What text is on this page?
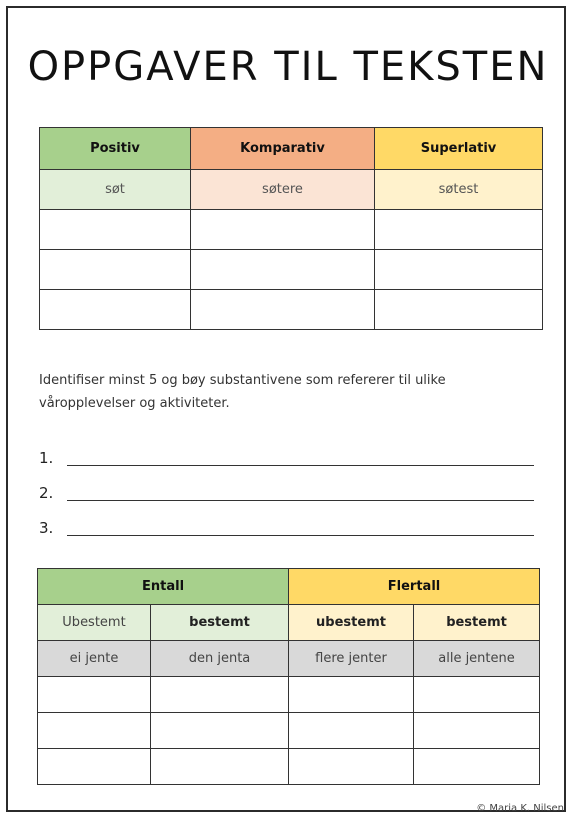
OPPGAVER TIL TEKSTEN
Positiv	Komparativ	Superlativ
søt	søtere	søtest

Identifiser minst 5 og bøy substantivene som refererer til ulike våropplevelser og aktiviteter.
1.
2.
3.
Entall		Flertall	
Ubestemt	bestemt	ubestemt	bestemt
ei jente	den jenta	flere jenter	alle jentene

© Maria K. Nilsen
